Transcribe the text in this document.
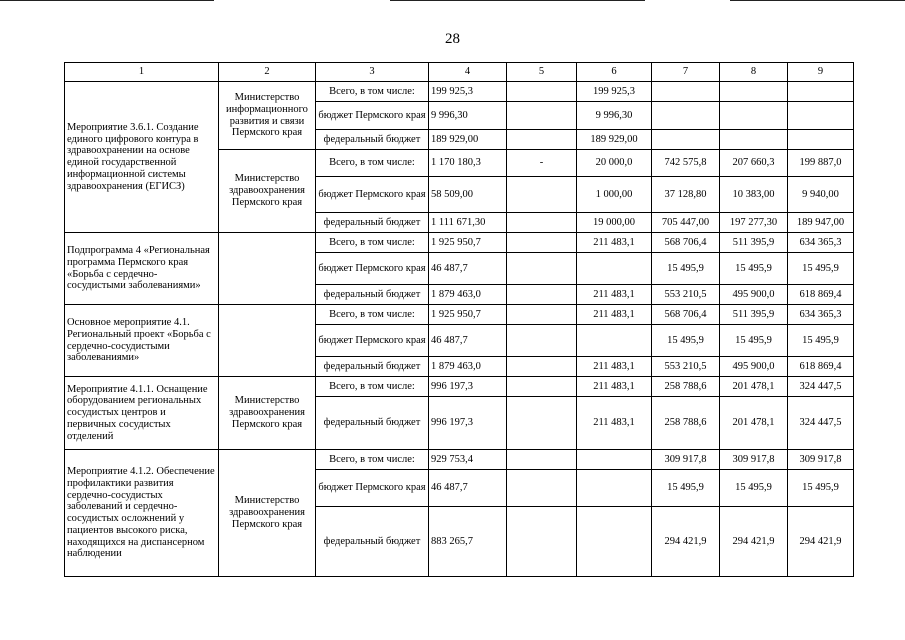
28
1	2	3	4	5	6	7	8	9
Мероприятие 3.6.1. Создание единого цифрового контура в здравоохранении на основе единой государственной информационной системы здравоохранения (ЕГИСЗ)	Министерство информационного развития и связи Пермского края	Всего, в том числе:	199 925,3		199 925,3			
		бюджет Пермского края	9 996,30		9 996,30			
		федеральный бюджет	189 929,00		189 929,00			
	Министерство здравоохранения Пермского края	Всего, в том числе:	1 170 180,3	-	20 000,0	742 575,8	207 660,3	199 887,0
		бюджет Пермского края	58 509,00		1 000,00	37 128,80	10 383,00	9 940,00
		федеральный бюджет	1 111 671,30		19 000,00	705 447,00	197 277,30	189 947,00
Подпрограмма 4 «Региональная программа Пермского края «Борьба с сердечно-сосудистыми заболеваниями»		Всего, в том числе:	1 925 950,7		211 483,1	568 706,4	511 395,9	634 365,3
		бюджет Пермского края	46 487,7			15 495,9	15 495,9	15 495,9
		федеральный бюджет	1 879 463,0		211 483,1	553 210,5	495 900,0	618 869,4
Основное мероприятие 4.1. Региональный проект «Борьба с сердечно-сосудистыми заболеваниями»		Всего, в том числе:	1 925 950,7		211 483,1	568 706,4	511 395,9	634 365,3
		бюджет Пермского края	46 487,7			15 495,9	15 495,9	15 495,9
		федеральный бюджет	1 879 463,0		211 483,1	553 210,5	495 900,0	618 869,4
Мероприятие 4.1.1. Оснащение оборудованием региональных сосудистых центров и первичных сосудистых отделений	Министерство здравоохранения Пермского края	Всего, в том числе:	996 197,3		211 483,1	258 788,6	201 478,1	324 447,5
		федеральный бюджет	996 197,3		211 483,1	258 788,6	201 478,1	324 447,5
Мероприятие 4.1.2. Обеспечение профилактики развития сердечно-сосудистых заболеваний и сердечно-сосудистых осложнений у пациентов высокого риска, находящихся на диспансерном наблюдении	Министерство здравоохранения Пермского края	Всего, в том числе:	929 753,4			309 917,8	309 917,8	309 917,8
		бюджет Пермского края	46 487,7			15 495,9	15 495,9	15 495,9
		федеральный бюджет	883 265,7			294 421,9	294 421,9	294 421,9
